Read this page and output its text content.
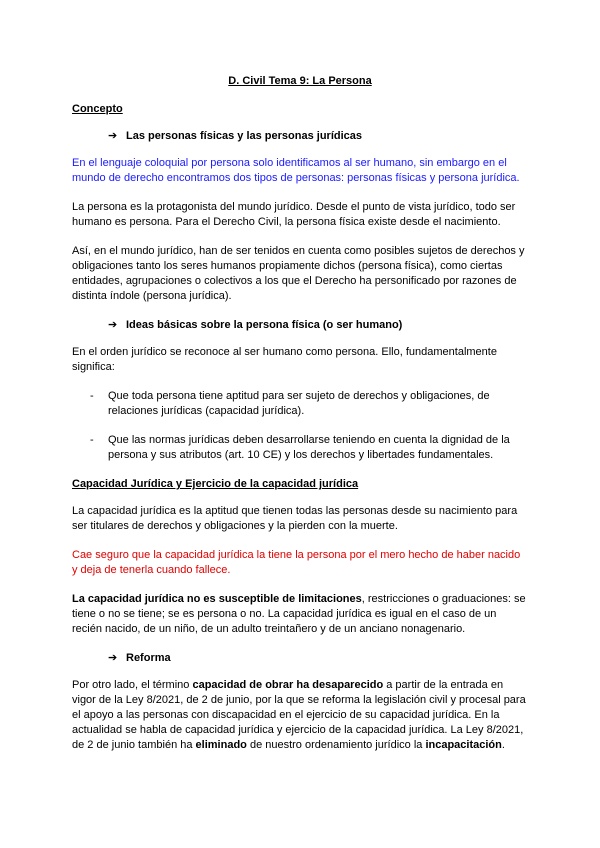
D. Civil Tema 9: La Persona
Concepto
➔ Las personas físicas y las personas jurídicas

En el lenguaje coloquial por persona solo identificamos al ser humano, sin embargo en el mundo de derecho encontramos dos tipos de personas: personas físicas y persona jurídica.

La persona es la protagonista del mundo jurídico. Desde el punto de vista jurídico, todo ser humano es persona. Para el Derecho Civil, la persona física existe desde el nacimiento.

Así, en el mundo jurídico, han de ser tenidos en cuenta como posibles sujetos de derechos y obligaciones tanto los seres humanos propiamente dichos (persona física), como ciertas entidades, agrupaciones o colectivos a los que el Derecho ha personificado por razones de distinta índole (persona jurídica).

➔ Ideas básicas sobre la persona física (o ser humano)

En el orden jurídico se reconoce al ser humano como persona. Ello, fundamentalmente significa:

-	Que toda persona tiene aptitud para ser sujeto de derechos y obligaciones, de relaciones jurídicas (capacidad jurídica).
-	Que las normas jurídicas deben desarrollarse teniendo en cuenta la dignidad de la persona y sus atributos (art. 10 CE) y los derechos y libertades fundamentales.
Capacidad Jurídica y Ejercicio de la capacidad jurídica

La capacidad jurídica es la aptitud que tienen todas las personas desde su nacimiento para ser titulares de derechos y obligaciones y la pierden con la muerte.

Cae seguro que la capacidad jurídica la tiene la persona por el mero hecho de haber nacido y deja de tenerla cuando fallece.

La capacidad jurídica no es susceptible de limitaciones, restricciones o graduaciones: se tiene o no se tiene; se es persona o no. La capacidad jurídica es igual en el caso de un recién nacido, de un niño, de un adulto treintañero y de un anciano nonagenario.

➔ Reforma

Por otro lado, el término capacidad de obrar ha desaparecido a partir de la entrada en vigor de la Ley 8/2021, de 2 de junio, por la que se reforma la legislación civil y procesal para el apoyo a las personas con discapacidad en el ejercicio de su capacidad jurídica. En la actualidad se habla de capacidad jurídica y ejercicio de la capacidad jurídica. La Ley 8/2021, de 2 de junio también ha eliminado de nuestro ordenamiento jurídico la incapacitación.
